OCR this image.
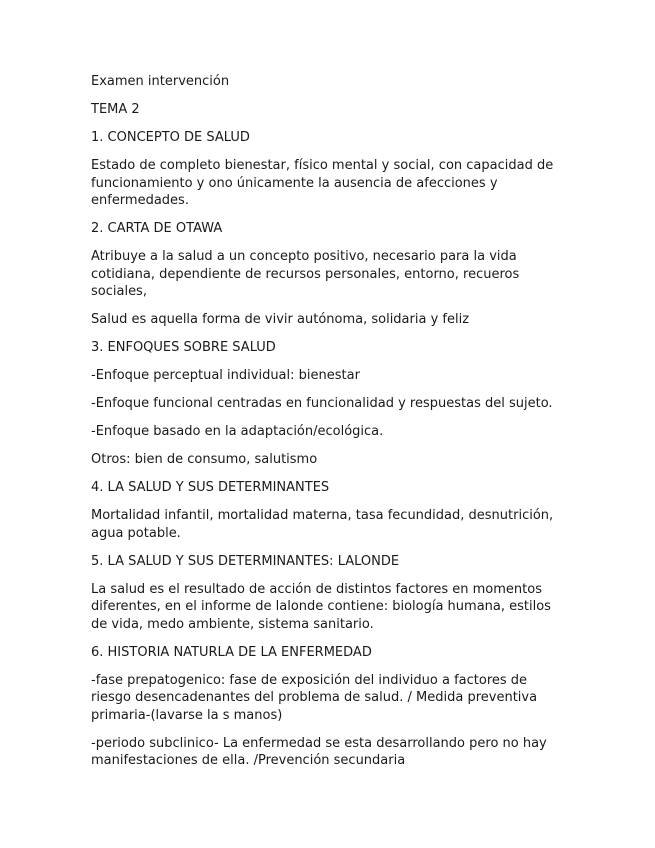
Examen intervención

TEMA 2

1. CONCEPTO DE SALUD

Estado de completo bienestar, físico mental y social, con capacidad de funcionamiento y ono únicamente la ausencia de afecciones y enfermedades.

2. CARTA DE OTAWA

Atribuye a la salud a un concepto positivo, necesario para la vida cotidiana, dependiente de recursos personales, entorno, recueros sociales,

Salud es aquella forma de vivir autónoma, solidaria y feliz

3. ENFOQUES SOBRE SALUD

-Enfoque perceptual individual: bienestar

-Enfoque funcional centradas en funcionalidad y respuestas del sujeto.

-Enfoque basado en la adaptación/ecológica.

Otros: bien de consumo, salutismo

4. LA SALUD Y SUS DETERMINANTES

Mortalidad infantil, mortalidad materna, tasa fecundidad, desnutrición, agua potable.

5. LA SALUD Y SUS DETERMINANTES: LALONDE

La salud es el resultado de acción de distintos factores en momentos diferentes, en el informe de lalonde contiene: biología humana, estilos de vida, medo ambiente, sistema sanitario.

6. HISTORIA NATURLA DE LA ENFERMEDAD

-fase prepatogenico: fase de exposición del individuo a factores de riesgo desencadenantes del problema de salud. / Medida preventiva primaria-(lavarse la s manos)

-periodo subclinico- La enfermedad se esta desarrollando pero no hay manifestaciones de ella. /Prevención secundaria
